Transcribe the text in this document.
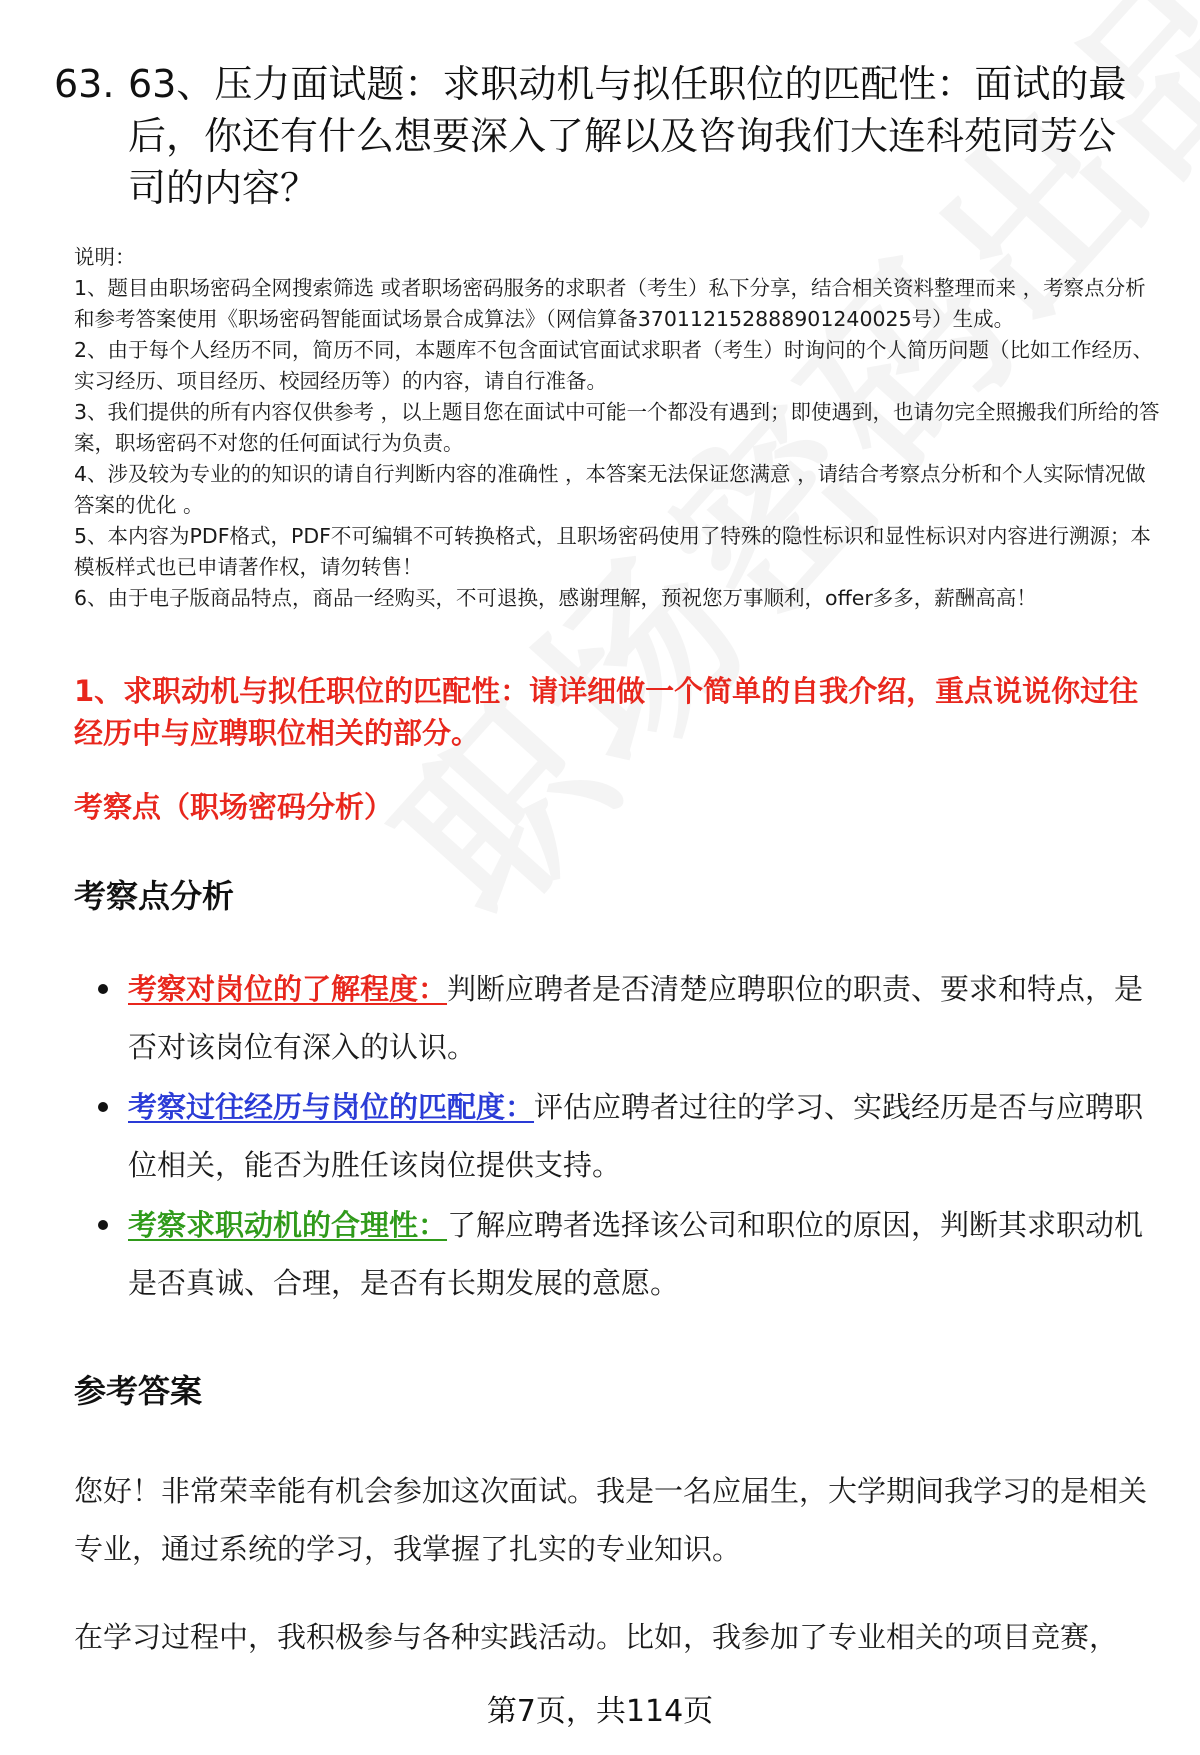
63. 63、压力面试题：求职动机与拟任职位的匹配性：面试的最后，你还有什么想要深入了解以及咨询我们大连科苑同芳公司的内容？

说明：

1、题目由职场密码全网搜索筛选 或者职场密码服务的求职者（考生）私下分享，结合相关资料整理而来 ，考察点分析和参考答案使用《职场密码智能面试场景合成算法》（网信算备370112152888901240025号）生成。

2、由于每个人经历不同，简历不同，本题库不包含面试官面试求职者（考生）时询问的个人简历问题（比如工作经历、实习经历、项目经历、校园经历等）的内容，请自行准备。

3、我们提供的所有内容仅供参考 ，以上题目您在面试中可能一个都没有遇到；即使遇到，也请勿完全照搬我们所给的答案，职场密码不对您的任何面试行为负责。

4、涉及较为专业的的知识的请自行判断内容的准确性 ，本答案无法保证您满意 ，请结合考察点分析和个人实际情况做答案的优化 。

5、本内容为PDF格式，PDF不可编辑不可转换格式，且职场密码使用了特殊的隐性标识和显性标识对内容进行溯源；本模板样式也已申请著作权，请勿转售！

6、由于电子版商品特点，商品一经购买，不可退换，感谢理解，预祝您万事顺利，offer多多，薪酬高高！

1、求职动机与拟任职位的匹配性：请详细做一个简单的自我介绍，重点说说你过往经历中与应聘职位相关的部分。
考察点（职场密码分析）
考察点分析
考察对岗位的了解程度：判断应聘者是否清楚应聘职位的职责、要求和特点，是否对该岗位有深入的认识。
考察过往经历与岗位的匹配度：评估应聘者过往的学习、实践经历是否与应聘职位相关，能否为胜任该岗位提供支持。
考察求职动机的合理性：了解应聘者选择该公司和职位的原因，判断其求职动机是否真诚、合理，是否有长期发展的意愿。
参考答案

您好！非常荣幸能有机会参加这次面试。我是一名应届生，大学期间我学习的是相关专业，通过系统的学习，我掌握了扎实的专业知识。

在学习过程中，我积极参与各种实践活动。比如，我参加了专业相关的项目竞赛，

第7页，共114页
